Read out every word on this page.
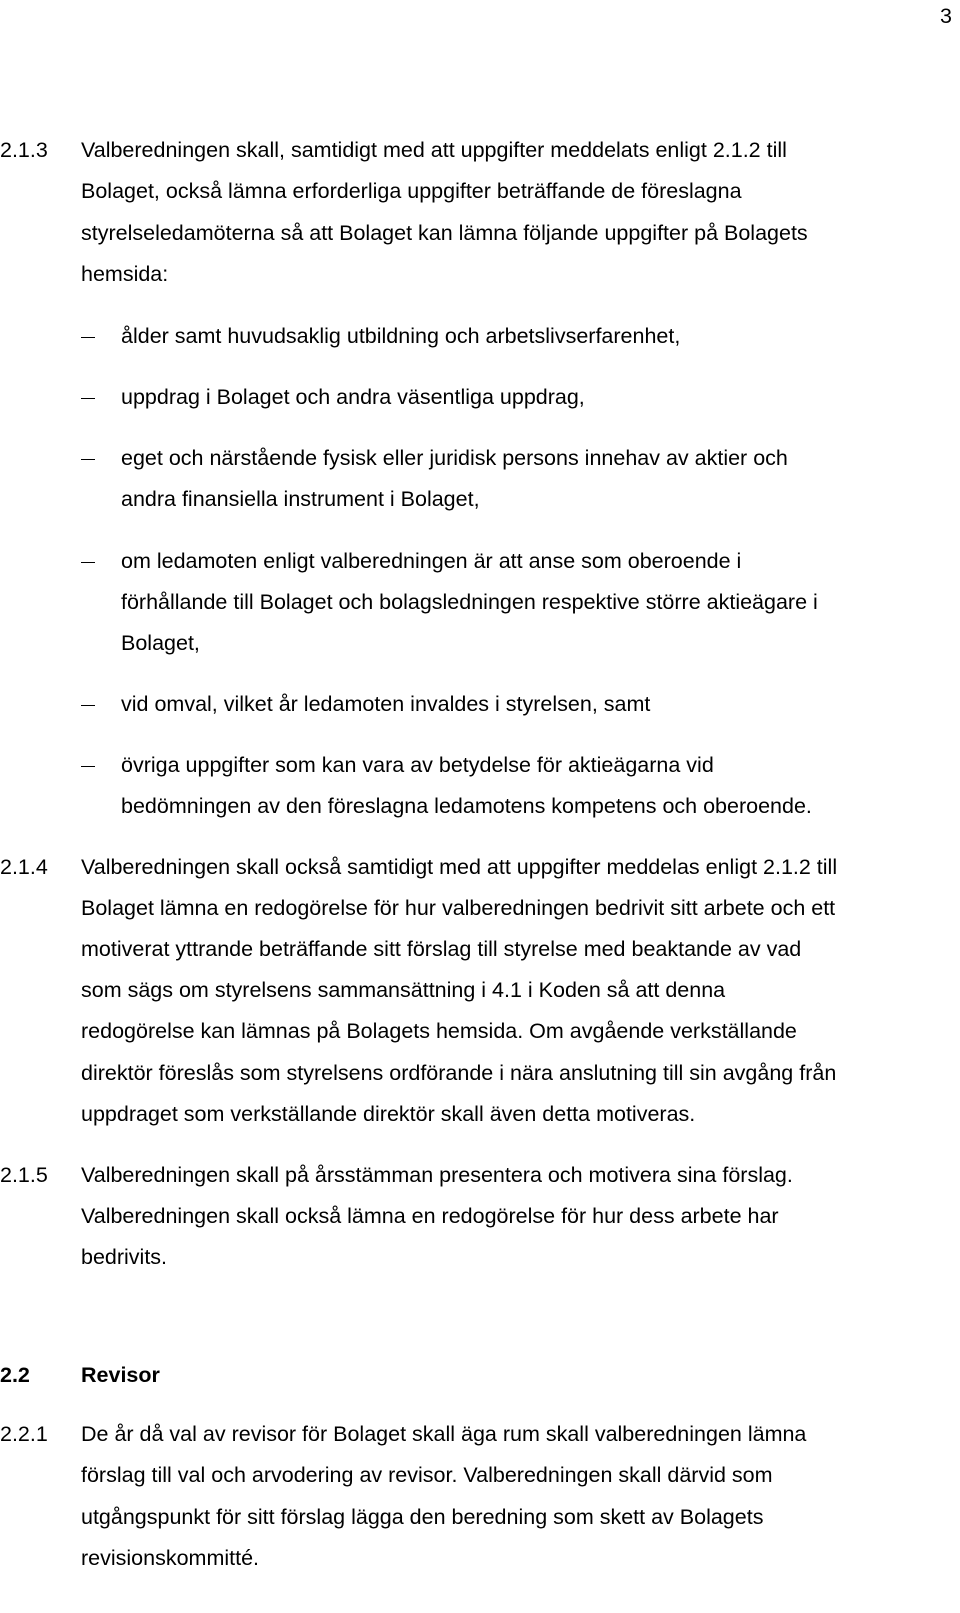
3
2.1.3 Valberedningen skall, samtidigt med att uppgifter meddelats enligt 2.1.2 till
Bolaget, också lämna erforderliga uppgifter beträffande de föreslagna
styrelseledamöterna så att Bolaget kan lämna följande uppgifter på Bolagets
hemsida:
ålder samt huvudsaklig utbildning och arbetslivserfarenhet,
uppdrag i Bolaget och andra väsentliga uppdrag,
eget och närstående fysisk eller juridisk persons innehav av aktier och
andra finansiella instrument i Bolaget,
om ledamoten enligt valberedningen är att anse som oberoende i
förhållande till Bolaget och bolagsledningen respektive större aktieägare i
Bolaget,
vid omval, vilket år ledamoten invaldes i styrelsen, samt
övriga uppgifter som kan vara av betydelse för aktieägarna vid
bedömningen av den föreslagna ledamotens kompetens och oberoende.
2.1.4 Valberedningen skall också samtidigt med att uppgifter meddelas enligt 2.1.2 till
Bolaget lämna en redogörelse för hur valberedningen bedrivit sitt arbete och ett
motiverat yttrande beträffande sitt förslag till styrelse med beaktande av vad
som sägs om styrelsens sammansättning i 4.1 i Koden så att denna
redogörelse kan lämnas på Bolagets hemsida. Om avgående verkställande
direktör föreslås som styrelsens ordförande i nära anslutning till sin avgång från
uppdraget som verkställande direktör skall även detta motiveras.
2.1.5 Valberedningen skall på årsstämman presentera och motivera sina förslag.
Valberedningen skall också lämna en redogörelse för hur dess arbete har
bedrivits.
2.2 Revisor
2.2.1 De år då val av revisor för Bolaget skall äga rum skall valberedningen lämna
förslag till val och arvodering av revisor. Valberedningen skall därvid som
utgångspunkt för sitt förslag lägga den beredning som skett av Bolagets
revisionskommitté.
